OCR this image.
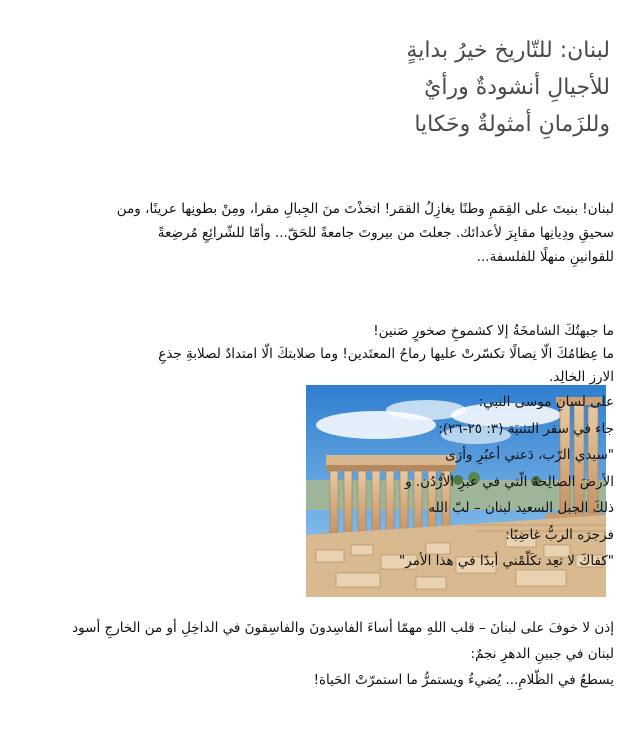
لبنان: للتّاريخ خيرُ بدايةٍ
للأجيالِ أنشودةٌ ورأيٌ
وللزَمانِ أمثولةٌ وحَكايا
لبنان! بنيتَ على القِمَمِ وطنًا يغازِلُ القمَر! اتخذْتَ منَ الجِبالِ مقرا، ومِنْ بطونِها عرينًا، ومن
سحيقِ ودِيانِها مقابِرَ لأعدائك. جعلتَ من بيروتَ جامعةً للحَقّ... وأمّا للشّرائِعِ مُرضِعةً
للقوانينِ منهلًا للفلسفة...
ما جبهتُكَ الشامخَةُ إلا كشموخِ صخورٍ صَنين!
ما عِظامُكَ الّا نِصالًا تكسّرتْ عليها رماحُ المعتَدين! وما صلابتكَ الّا امتدادٌ لصلابةِ جذعِ
الارزِ الخالِد.
على لسانِ موسى النبي:
جاء في سفر التثنيَة (٣: ٢٥-٢٦):
"سيدي الرّب، دَعني أعبُرِ وأرَى
الأرضَ الصالِحةَ الّتي في عبرِ الأرْدُن. و
ذلكَ الجبل السعيد لبنان – لبّ الله
فزجرَه الربُّ غاضِبًا:
"كفاكَ لا تعِد تكَلّمْني أبدًا في هذا الأمر"
إذن لا خوفَ على لبنانَ – قلب اللهِ مهمّا أساءَ الفاسِدونَ والفاسِقونَ في الداخِلِ أو من الخارجِ أسود
لبنان في جبينِ الدهرِ نجمٌ:
يسطعُ في الظّلامِ... يُضيءُ ويستمرُّ ما استمرّتْ الحَياة!
